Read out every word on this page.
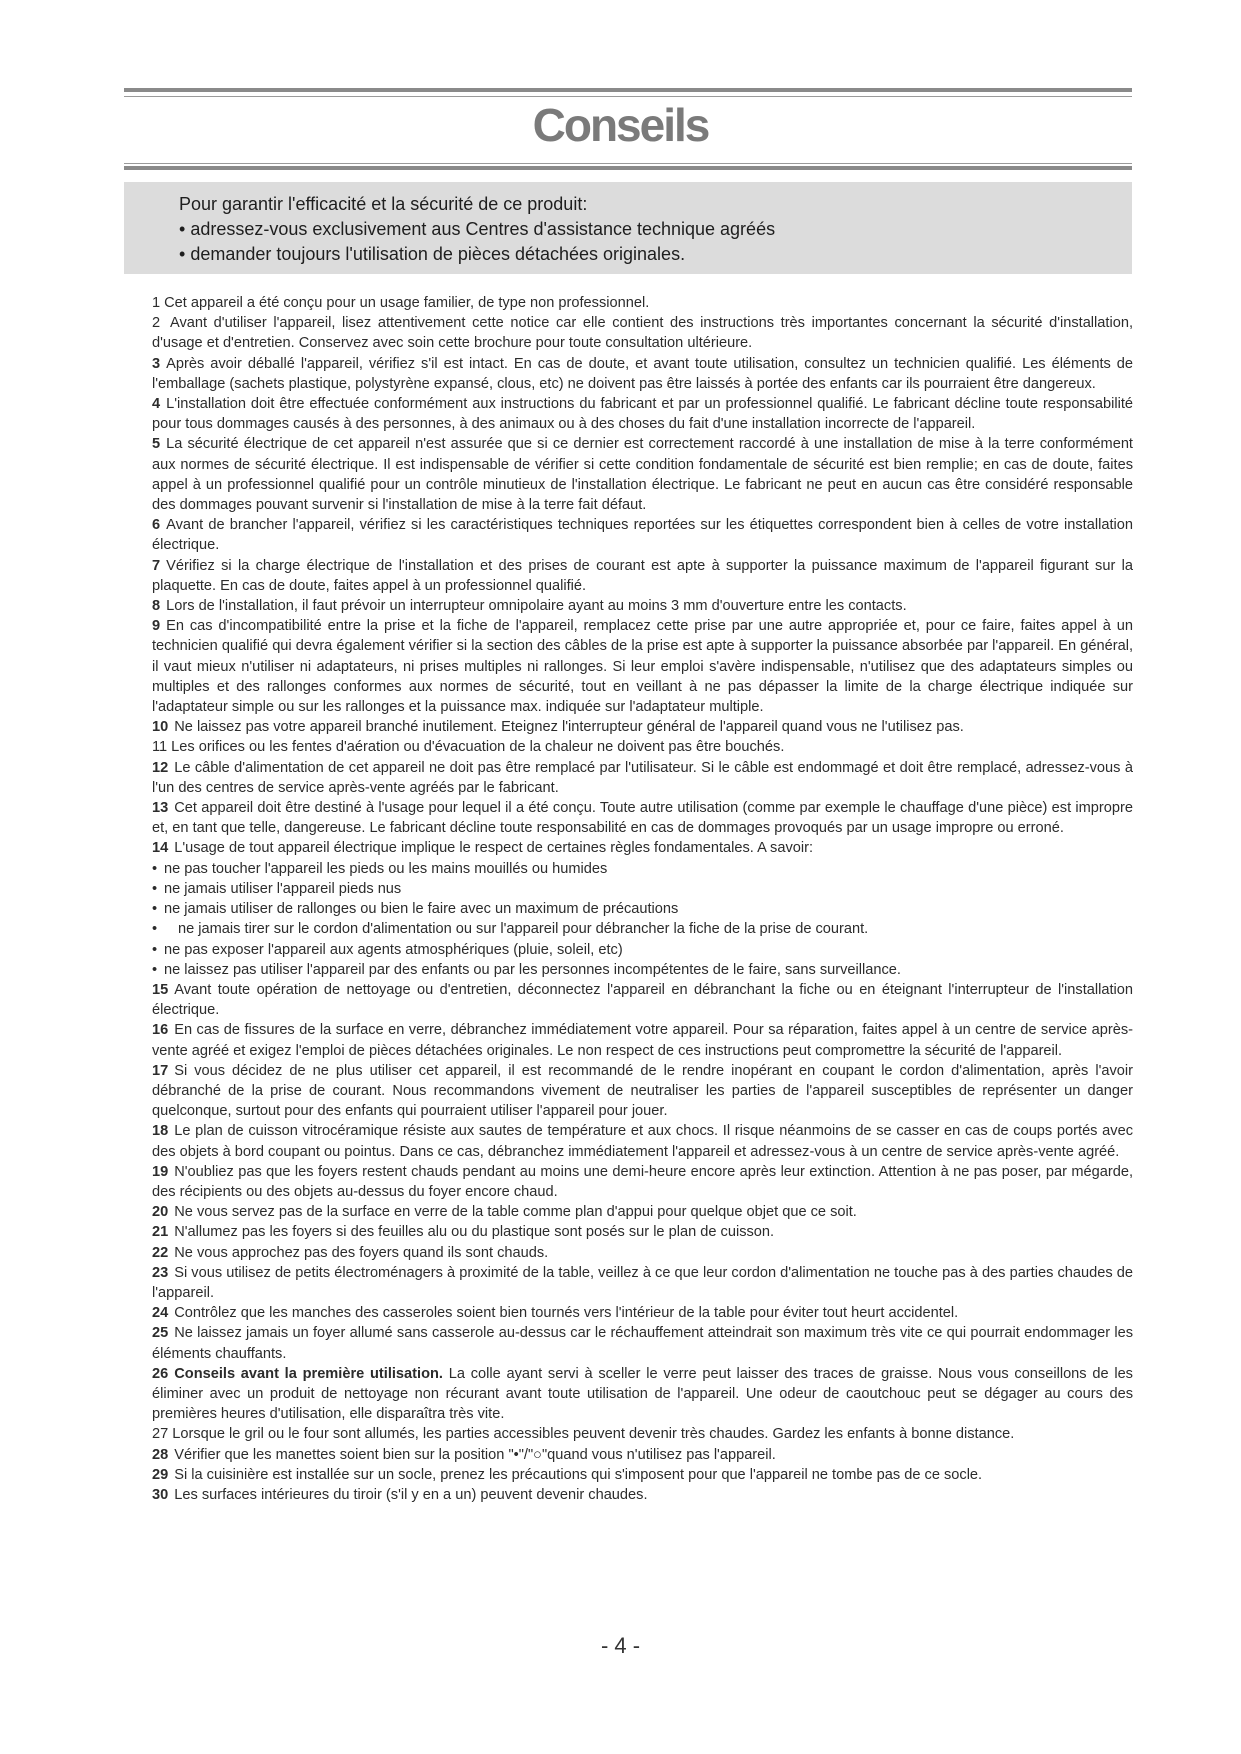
Conseils
Pour garantir l'efficacité et la sécurité de ce produit:
• adressez-vous exclusivement aus Centres d'assistance technique agréés
• demander toujours l'utilisation de pièces détachées originales.

1 Cet appareil a été conçu pour un usage familier, de type non professionnel.

2 Avant d'utiliser l'appareil, lisez attentivement cette notice car elle contient des instructions très importantes concernant la sécurité d'installation, d'usage et d'entretien. Conservez avec soin cette brochure pour toute consultation ultérieure.

3 Après avoir déballé l'appareil, vérifiez s'il est intact. En cas de doute, et avant toute utilisation, consultez un technicien qualifié. Les éléments de l'emballage (sachets plastique, polystyrène expansé, clous, etc) ne doivent pas être laissés à portée des enfants car ils pourraient être dangereux.

4 L'installation doit être effectuée conformément aux instructions du fabricant et par un professionnel qualifié. Le fabricant décline toute responsabilité pour tous dommages causés à des personnes, à des animaux ou à des choses du fait d'une installation incorrecte de l'appareil.

5 La sécurité électrique de cet appareil n'est assurée que si ce dernier est correctement raccordé à une installation de mise à la terre conformément aux normes de sécurité électrique. Il est indispensable de vérifier si cette condition fondamentale de sécurité est bien remplie; en cas de doute, faites appel à un professionnel qualifié pour un contrôle minutieux de l'installation électrique. Le fabricant ne peut en aucun cas être considéré responsable des dommages pouvant survenir si l'installation de mise à la terre fait défaut.

6 Avant de brancher l'appareil, vérifiez si les caractéristiques techniques reportées sur les étiquettes correspondent bien à celles de votre installation électrique.

7 Vérifiez si la charge électrique de l'installation et des prises de courant est apte à supporter la puissance maximum de l'appareil figurant sur la plaquette. En cas de doute, faites appel à un professionnel qualifié.

8 Lors de l'installation, il faut prévoir un interrupteur omnipolaire ayant au moins 3 mm d'ouverture entre les contacts.

9 En cas d'incompatibilité entre la prise et la fiche de l'appareil, remplacez cette prise par une autre appropriée et, pour ce faire, faites appel à un technicien qualifié qui devra également vérifier si la section des câbles de la prise est apte à supporter la puissance absorbée par l'appareil. En général, il vaut mieux n'utiliser ni adaptateurs, ni prises multiples ni rallonges. Si leur emploi s'avère indispensable, n'utilisez que des adaptateurs simples ou multiples et des rallonges conformes aux normes de sécurité, tout en veillant à ne pas dépasser la limite de la charge électrique indiquée sur l'adaptateur simple ou sur les rallonges et la puissance max. indiquée sur l'adaptateur multiple.

10 Ne laissez pas votre appareil branché inutilement. Eteignez l'interrupteur général de l'appareil quand vous ne l'utilisez pas.

11 Les orifices ou les fentes d'aération ou d'évacuation de la chaleur ne doivent pas être bouchés.

12 Le câble d'alimentation de cet appareil ne doit pas être remplacé par l'utilisateur. Si le câble est endommagé et doit être remplacé, adressez-vous à l'un des centres de service après-vente agréés par le fabricant.

13 Cet appareil doit être destiné à l'usage pour lequel il a été conçu. Toute autre utilisation (comme par exemple le chauffage d'une pièce) est impropre et, en tant que telle, dangereuse. Le fabricant décline toute responsabilité en cas de dommages provoqués par un usage impropre ou erroné.

14 L'usage de tout appareil électrique implique le respect de certaines règles fondamentales. A savoir:

• ne pas toucher l'appareil les pieds ou les mains mouillés ou humides

• ne jamais utiliser l'appareil pieds nus

• ne jamais utiliser de rallonges ou bien le faire avec un maximum de précautions

• ne jamais tirer sur le cordon d'alimentation ou sur l'appareil pour débrancher la fiche de la prise de courant.

• ne pas exposer l'appareil aux agents atmosphériques (pluie, soleil, etc)

• ne laissez pas utiliser l'appareil par des enfants ou par les personnes incompétentes de le faire, sans surveillance.

15 Avant toute opération de nettoyage ou d'entretien, déconnectez l'appareil en débranchant la fiche ou en éteignant l'interrupteur de l'installation électrique.

16 En cas de fissures de la surface en verre, débranchez immédiatement votre appareil. Pour sa réparation, faites appel à un centre de service après-vente agréé et exigez l'emploi de pièces détachées originales. Le non respect de ces instructions peut compromettre la sécurité de l'appareil.

17 Si vous décidez de ne plus utiliser cet appareil, il est recommandé de le rendre inopérant en coupant le cordon d'alimentation, après l'avoir débranché de la prise de courant. Nous recommandons vivement de neutraliser les parties de l'appareil susceptibles de représenter un danger quelconque, surtout pour des enfants qui pourraient utiliser l'appareil pour jouer.

18 Le plan de cuisson vitrocéramique résiste aux sautes de température et aux chocs. Il risque néanmoins de se casser en cas de coups portés avec des objets à bord coupant ou pointus. Dans ce cas, débranchez immédiatement l'appareil et adressez-vous à un centre de service après-vente agréé.

19 N'oubliez pas que les foyers restent chauds pendant au moins une demi-heure encore après leur extinction. Attention à ne pas poser, par mégarde, des récipients ou des objets au-dessus du foyer encore chaud.

20 Ne vous servez pas de la surface en verre de la table comme plan d'appui pour quelque objet que ce soit.

21 N'allumez pas les foyers si des feuilles alu ou du plastique sont posés sur le plan de cuisson.

22 Ne vous approchez pas des foyers quand ils sont chauds.

23 Si vous utilisez de petits électroménagers à proximité de la table, veillez à ce que leur cordon d'alimentation ne touche pas à des parties chaudes de l'appareil.

24 Contrôlez que les manches des casseroles soient bien tournés vers l'intérieur de la table pour éviter tout heurt accidentel.

25 Ne laissez jamais un foyer allumé sans casserole au-dessus car le réchauffement atteindrait son maximum très vite ce qui pourrait endommager les éléments chauffants.

26 Conseils avant la première utilisation. La colle ayant servi à sceller le verre peut laisser des traces de graisse. Nous vous conseillons de les éliminer avec un produit de nettoyage non récurant avant toute utilisation de l'appareil. Une odeur de caoutchouc peut se dégager au cours des premières heures d'utilisation, elle disparaîtra très vite.

27 Lorsque le gril ou le four sont allumés, les parties accessibles peuvent devenir très chaudes. Gardez les enfants à bonne distance.

28 Vérifier que les manettes soient bien sur la position "•"/"○"quand vous n'utilisez pas l'appareil.

29 Si la cuisinière est installée sur un socle, prenez les précautions qui s'imposent pour que l'appareil ne tombe pas de ce socle.

30 Les surfaces intérieures du tiroir (s'il y en a un) peuvent devenir chaudes.

- 4 -
